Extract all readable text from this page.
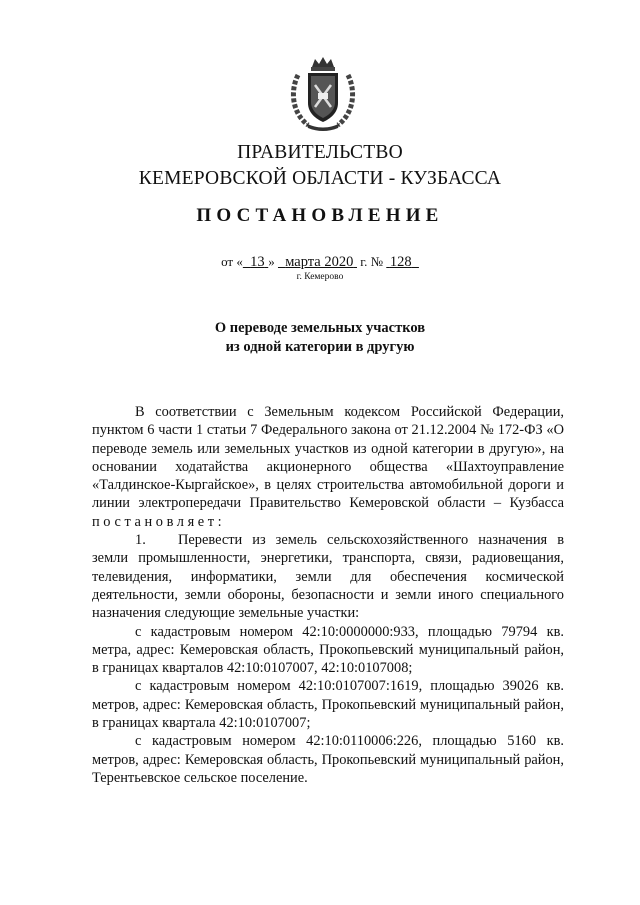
ПРАВИТЕЛЬСТВО
КЕМЕРОВСКОЙ ОБЛАСТИ - КУЗБАССА
ПОСТАНОВЛЕНИЕ
от « 13 » марта 2020 г. № 128
г. Кемерово
О переводе земельных участков
из одной категории в другую

В соответствии с Земельным кодексом Российской Федерации, пунктом 6 части 1 статьи 7 Федерального закона от 21.12.2004 № 172-ФЗ «О переводе земель или земельных участков из одной категории в другую», на основании ходатайства акционерного общества «Шахтоуправление «Талдинское-Кыргайское», в целях строительства автомобильной дороги и линии электропередачи Правительство Кемеровской области – Кузбасса постановляет:

1. Перевести из земель сельскохозяйственного назначения в земли промышленности, энергетики, транспорта, связи, радиовещания, телевидения, информатики, земли для обеспечения космической деятельности, земли обороны, безопасности и земли иного специального назначения следующие земельные участки:

с кадастровым номером 42:10:0000000:933, площадью 79794 кв. метра, адрес: Кемеровская область, Прокопьевский муниципальный район, в границах кварталов 42:10:0107007, 42:10:0107008;

с кадастровым номером 42:10:0107007:1619, площадью 39026 кв. метров, адрес: Кемеровская область, Прокопьевский муниципальный район, в границах квартала 42:10:0107007;

с кадастровым номером 42:10:0110006:226, площадью 5160 кв. метров, адрес: Кемеровская область, Прокопьевский муниципальный район, Терентьевское сельское поселение.
